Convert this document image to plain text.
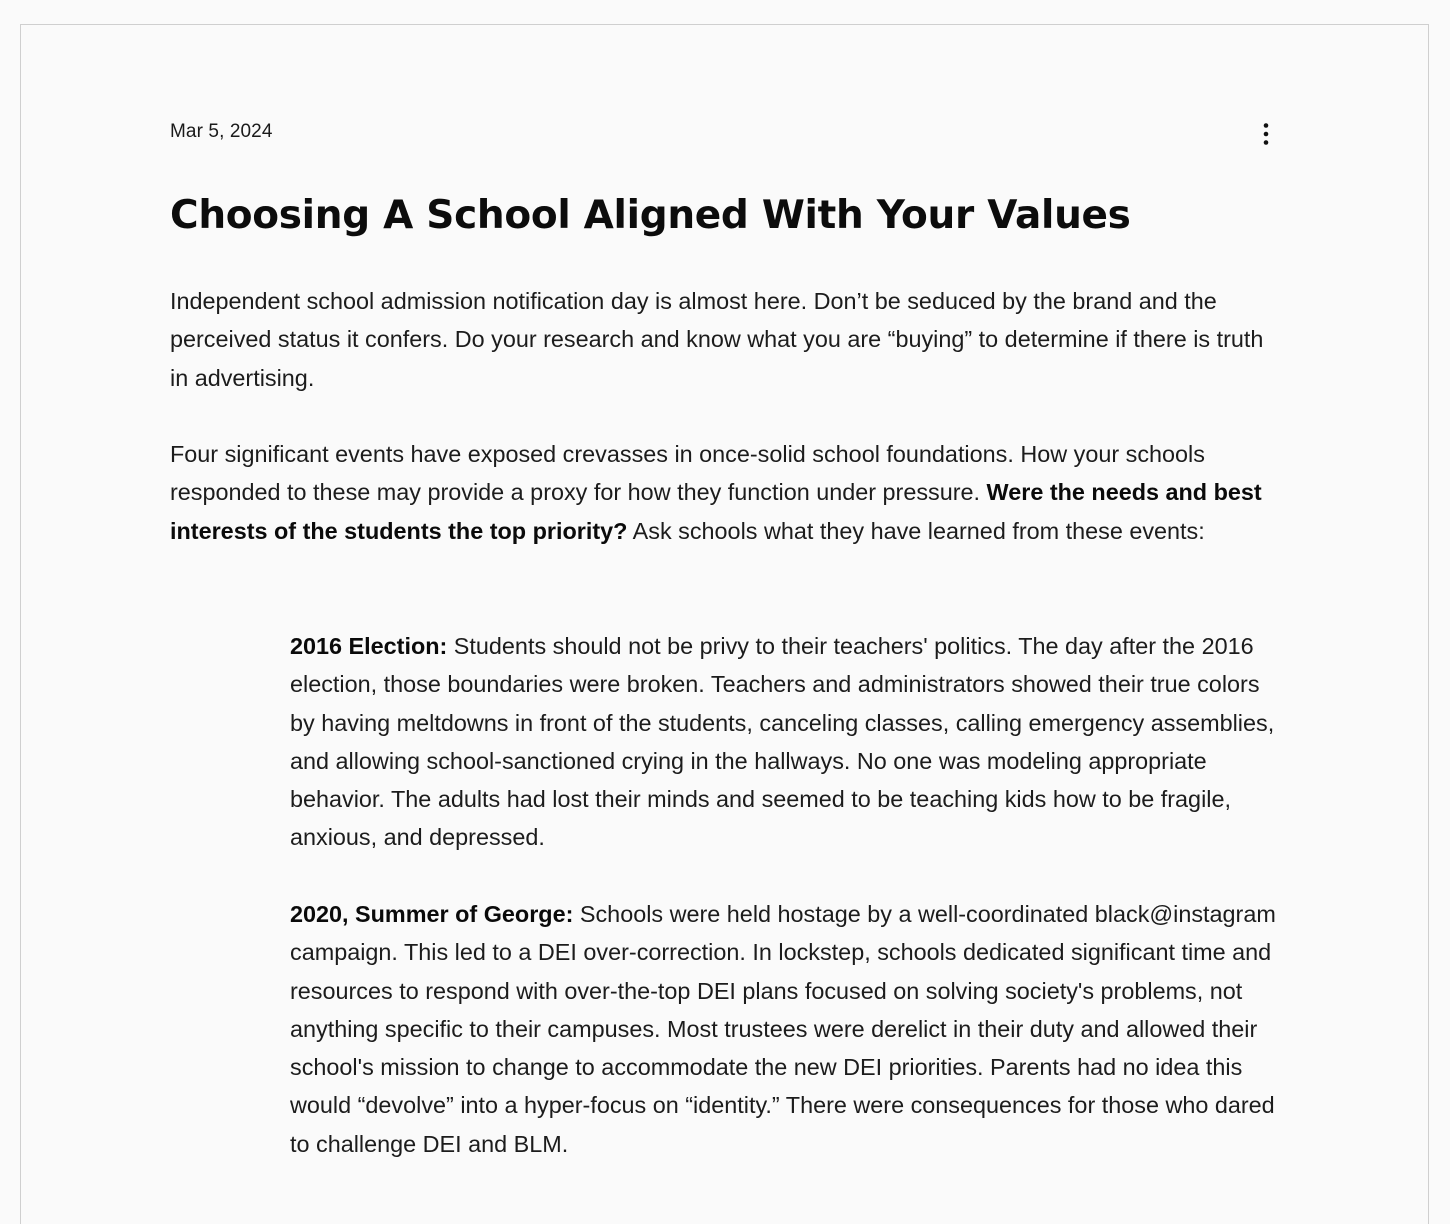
Mar 5, 2024
Choosing A School Aligned With Your Values

Independent school admission notification day is almost here. Don’t be seduced by the brand and the perceived status it confers. Do your research and know what you are “buying” to determine if there is truth in advertising.

Four significant events have exposed crevasses in once-solid school foundations. How your schools responded to these may provide a proxy for how they function under pressure. Were the needs and best interests of the students the top priority? Ask schools what they have learned from these events:

2016 Election: Students should not be privy to their teachers' politics. The day after the 2016 election, those boundaries were broken. Teachers and administrators showed their true colors by having meltdowns in front of the students, canceling classes, calling emergency assemblies, and allowing school-sanctioned crying in the hallways. No one was modeling appropriate behavior. The adults had lost their minds and seemed to be teaching kids how to be fragile, anxious, and depressed.

2020, Summer of George: Schools were held hostage by a well-coordinated black@instagram campaign. This led to a DEI over-correction. In lockstep, schools dedicated significant time and resources to respond with over-the-top DEI plans focused on solving society's problems, not anything specific to their campuses. Most trustees were derelict in their duty and allowed their school's mission to change to accommodate the new DEI priorities. Parents had no idea this would “devolve” into a hyper-focus on “identity.” There were consequences for those who dared to challenge DEI and BLM.
